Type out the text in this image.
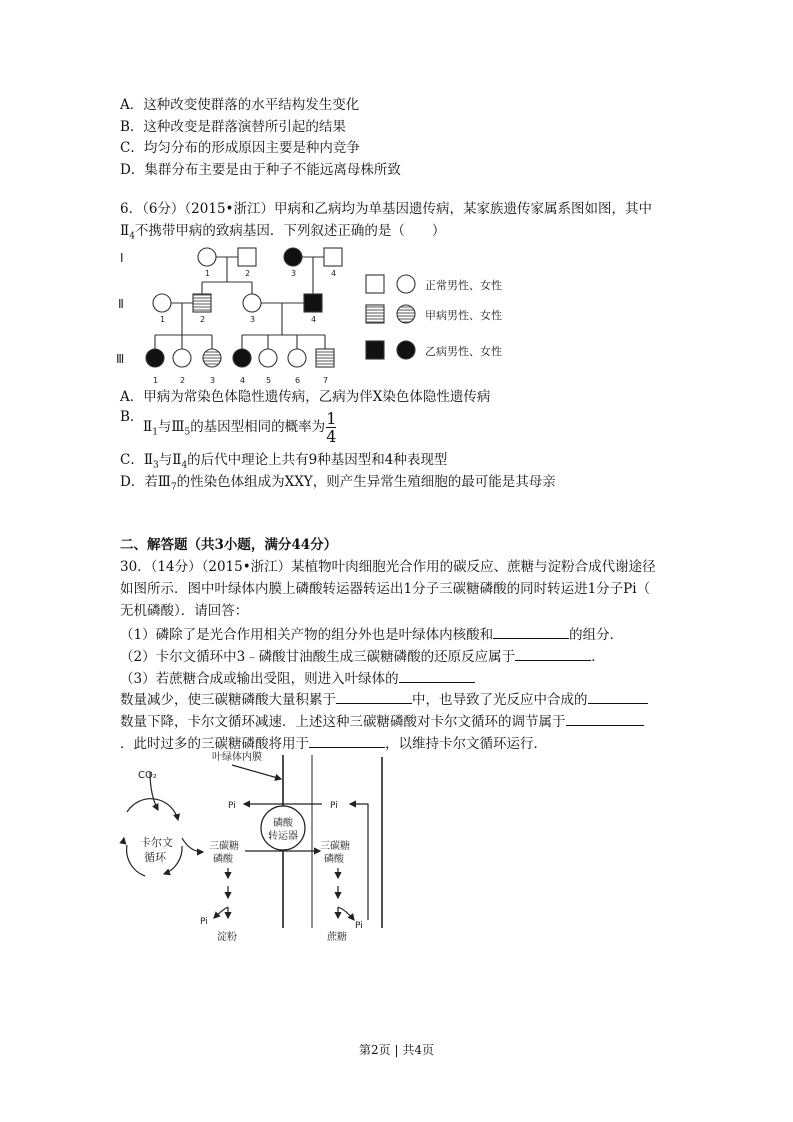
A．这种改变使群落的水平结构发生变化
B．这种改变是群落演替所引起的结果
C．均匀分布的形成原因主要是种内竞争
D．集群分布主要是由于种子不能远离母株所致
6．（6分）（2015•浙江）甲病和乙病均为单基因遗传病，某家族遗传家属系图如图，其中
$Ⅱ_4$不携带甲病的致病基因．下列叙述正确的是（　　）
A．甲病为常染色体隐性遗传病，乙病为伴X染色体隐性遗传病
B．
$Ⅱ_1$与$Ⅲ_5$的基因型相同的概率为 $\frac{1}{4}$
C．$Ⅱ_3$与$Ⅱ_4$的后代中理论上共有9种基因型和4种表现型
D．若$Ⅲ_7$的性染色体组成为XXY，则产生异常生殖细胞的最可能是其母亲
二、解答题（共3小题，满分44分）
30．（14分）（2015•浙江）某植物叶肉细胞光合作用的碳反应、蔗糖与淀粉合成代谢途径
如图所示．图中叶绿体内膜上磷酸转运器转运出1分子三碳糖磷酸的同时转运进1分子Pi（
无机磷酸）．请回答：
（1）磷除了是光合作用相关产物的组分外也是叶绿体内核酸和	的组分．
（2）卡尔文循环中3﹣磷酸甘油酸生成三碳糖磷酸的还原反应属于	．
（3）若蔗糖合成或输出受阻，则进入叶绿体的
数量减少，使三碳糖磷酸大量积累于	中，也导致了光反应中合成的
数量下降，卡尔文循环减速．上述这种三碳糖磷酸对卡尔文循环的调节属于
．此时过多的三碳糖磷酸将用于	，以维持卡尔文循环运行．
Ⅰ
Ⅱ
Ⅲ
1	2	3	4
1	2	3	4
1	2	3	4	5	6	7
正常男性、女性
甲病男性、女性
乙病男性、女性
叶绿体内膜
CO₂
卡尔文
循环
磷酸
转运器
Pi	Pi
三碳糖
磷酸
三碳糖
磷酸
Pi	Pi
淀粉	蔗糖
第2页 | 共4页
